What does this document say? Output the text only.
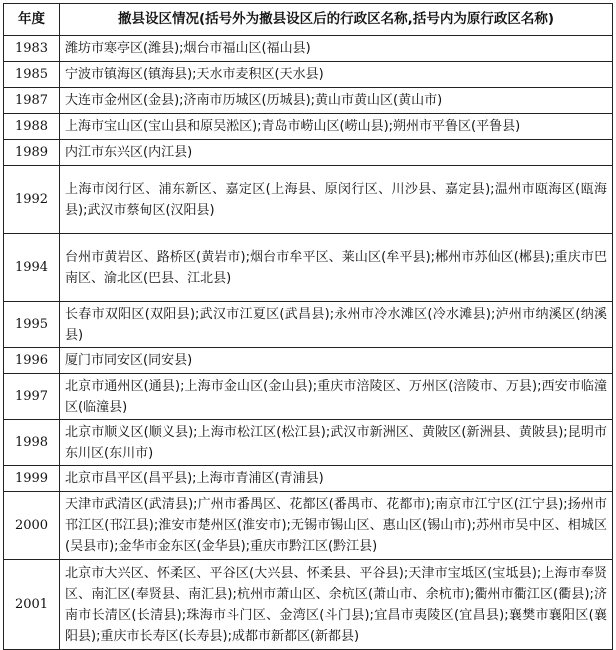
年度	撤县设区情况(括号外为撤县设区后的行政区名称,括号内为原行政区名称)
1983	潍坊市寒亭区(潍县);烟台市福山区(福山县)
1985	宁波市镇海区(镇海县);天水市麦积区(天水县)
1987	大连市金州区(金县);济南市历城区(历城县);黄山市黄山区(黄山市)
1988	上海市宝山区(宝山县和原吴淞区);青岛市崂山区(崂山县);朔州市平鲁区(平鲁县)
1989	内江市东兴区(内江县)
1992	上海市闵行区、浦东新区、嘉定区(上海县、原闵行区、川沙县、嘉定县);温州市瓯海区(瓯海县);武汉市蔡甸区(汉阳县)
1994	台州市黄岩区、路桥区(黄岩市);烟台市牟平区、莱山区(牟平县);郴州市苏仙区(郴县);重庆市巴南区、渝北区(巴县、江北县)
1995	长春市双阳区(双阳县);武汉市江夏区(武昌县);永州市冷水滩区(冷水滩县);泸州市纳溪区(纳溪县)
1996	厦门市同安区(同安县)
1997	北京市通州区(通县);上海市金山区(金山县);重庆市涪陵区、万州区(涪陵市、万县);西安市临潼区(临潼县)
1998	北京市顺义区(顺义县);上海市松江区(松江县);武汉市新洲区、黄陂区(新洲县、黄陂县);昆明市东川区(东川市)
1999	北京市昌平区(昌平县);上海市青浦区(青浦县)
2000	天津市武清区(武清县);广州市番禺区、花都区(番禺市、花都市);南京市江宁区(江宁县);扬州市邗江区(邗江县);淮安市楚州区(淮安市);无锡市锡山区、惠山区(锡山市);苏州市吴中区、相城区(吴县市);金华市金东区(金华县);重庆市黔江区(黔江县)
2001	北京市大兴区、怀柔区、平谷区(大兴县、怀柔县、平谷县);天津市宝坻区(宝坻县);上海市奉贤区、南汇区(奉贤县、南汇县);杭州市萧山区、余杭区(萧山市、余杭市);衢州市衢江区(衢县);济南市长清区(长清县);珠海市斗门区、金湾区(斗门县);宜昌市夷陵区(宜昌县);襄樊市襄阳区(襄阳县);重庆市长寿区(长寿县);成都市新都区(新都县)
